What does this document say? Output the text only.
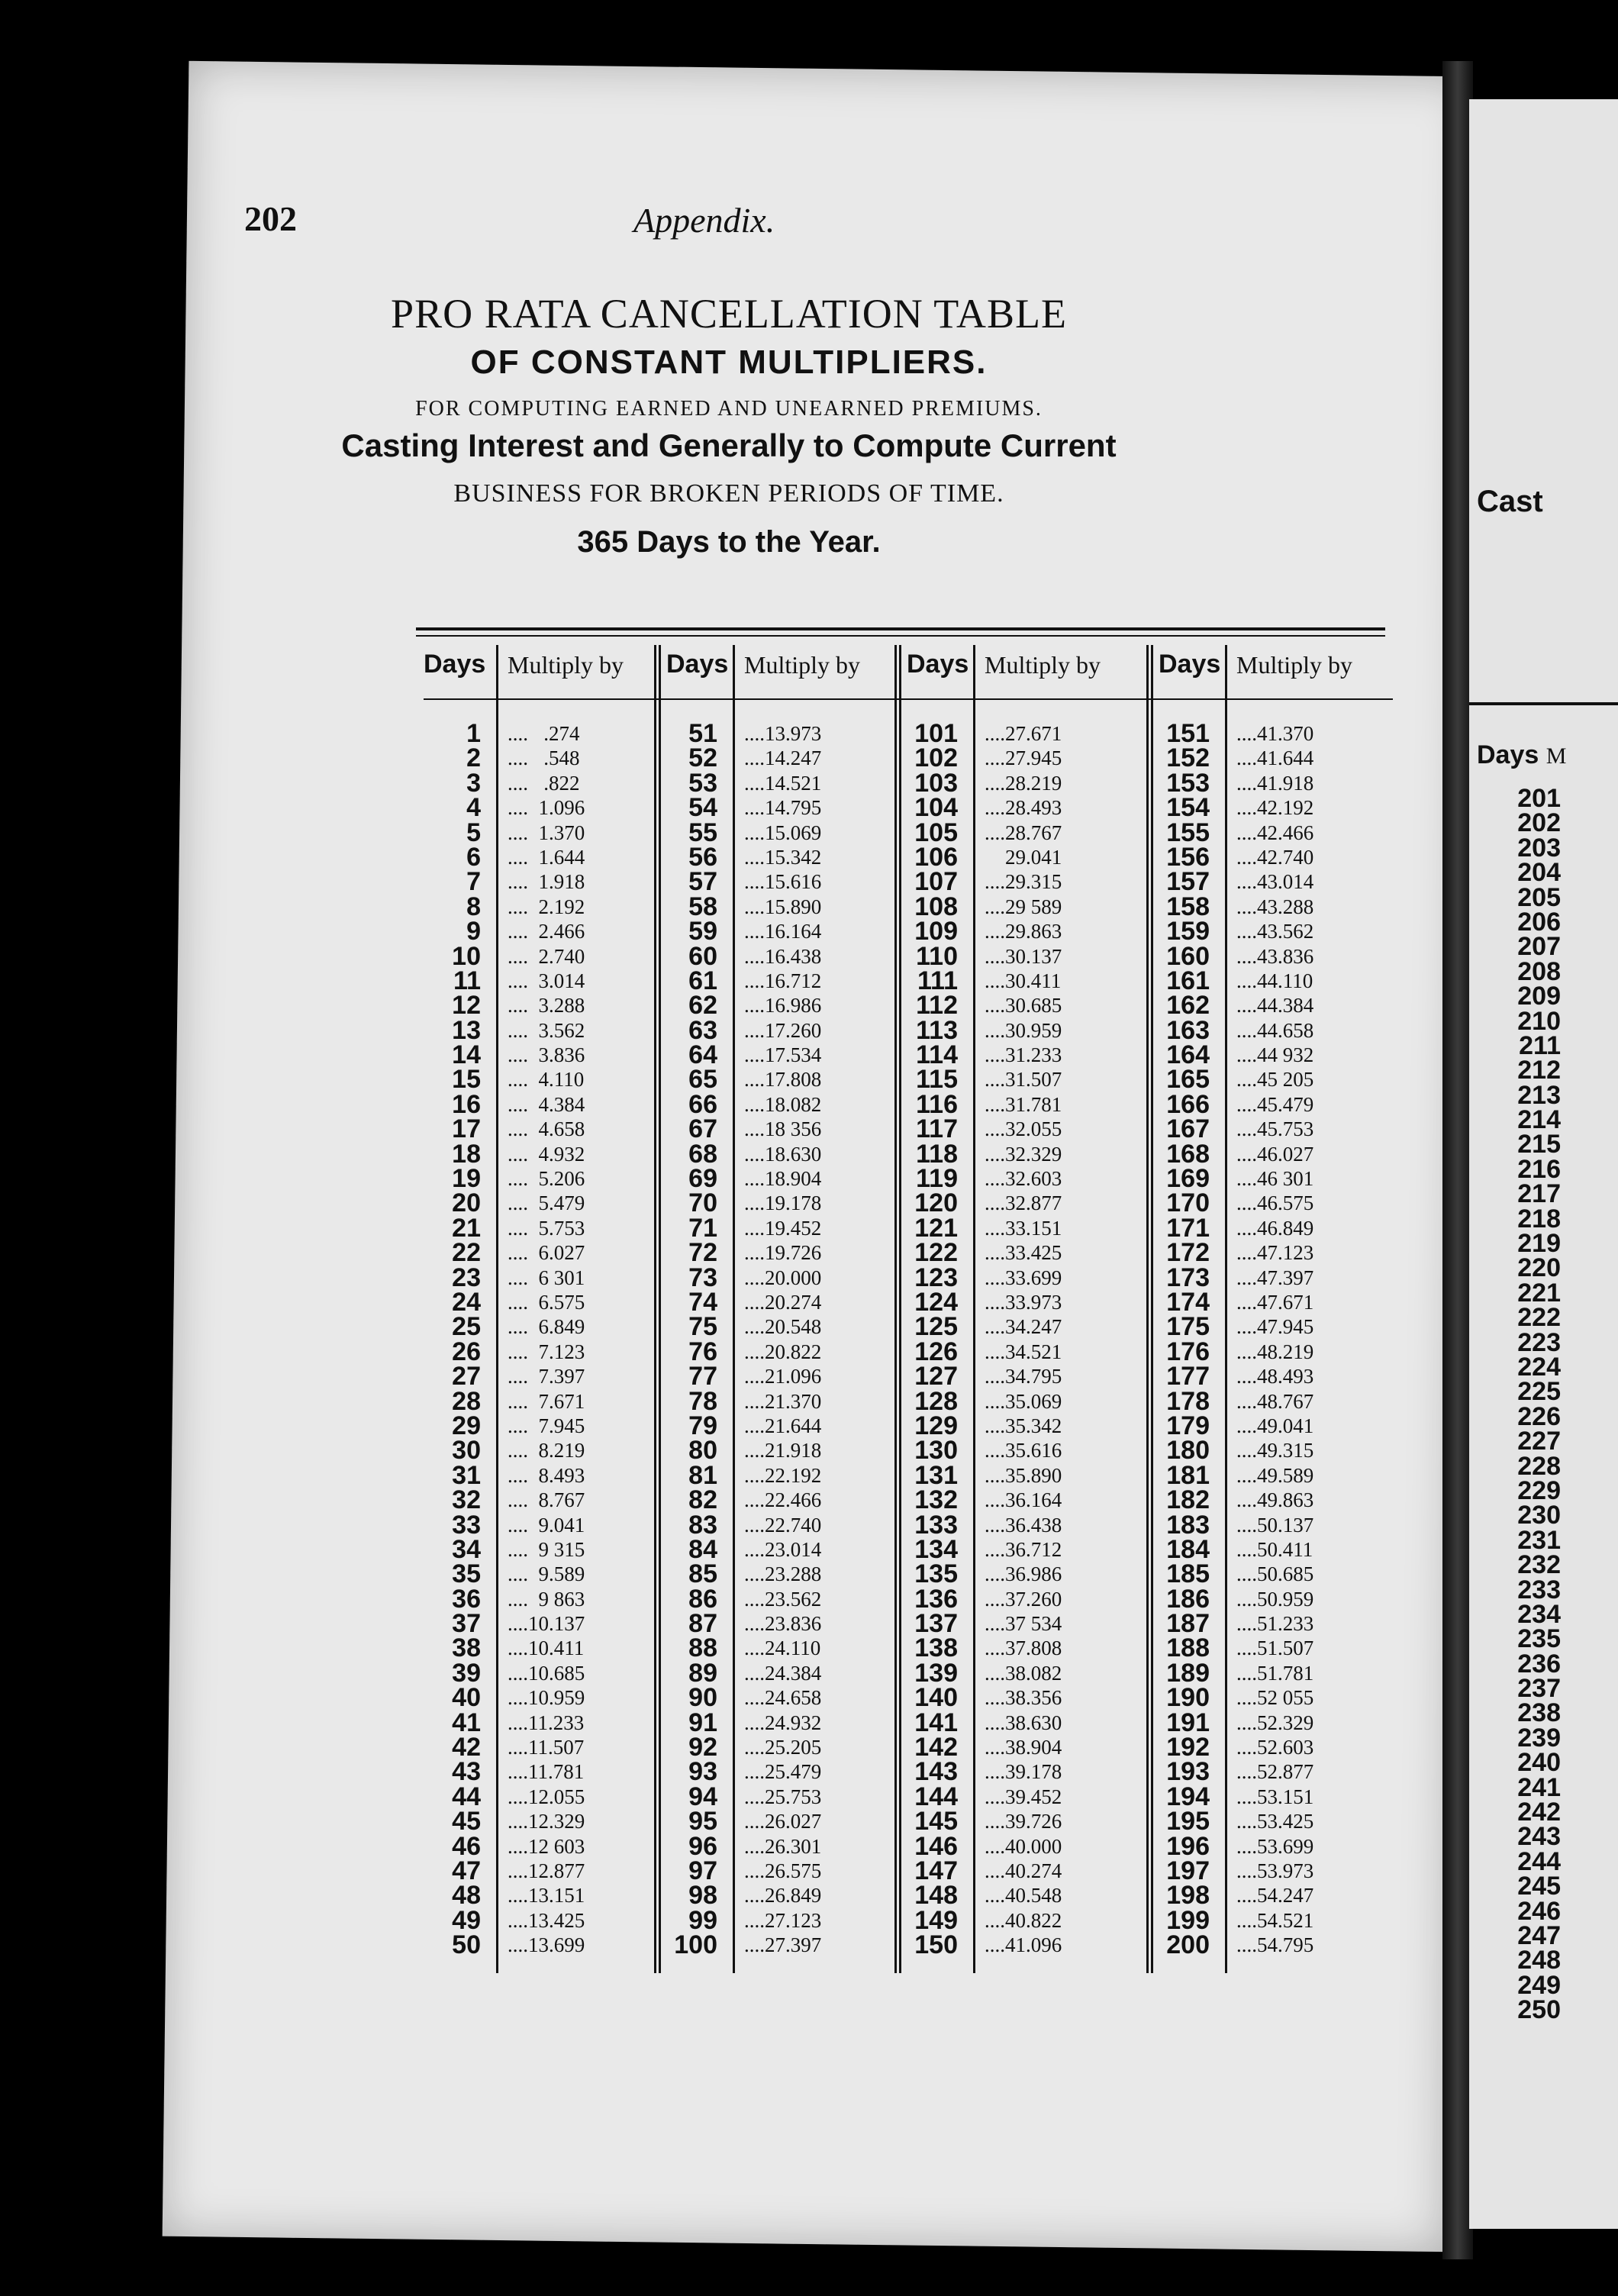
202	Appendix.
PRO RATA CANCELLATION TABLE
OF CONSTANT MULTIPLIERS.
FOR COMPUTING EARNED AND UNEARNED PREMIUMS.
Casting Interest and Generally to Compute Current
BUSINESS FOR BROKEN PERIODS OF TIME.
365 Days to the Year.
Days Multiply by
1 ....   .274
2 ....   .548
3 ....   .822
4 ....  1.096
5 ....  1.370
6 ....  1.644
7 ....  1.918
8 ....  2.192
9 ....  2.466
10 ....  2.740
11 ....  3.014
12 ....  3.288
13 ....  3.562
14 ....  3.836
15 ....  4.110
16 ....  4.384
17 ....  4.658
18 ....  4.932
19 ....  5.206
20 ....  5.479
21 ....  5.753
22 ....  6.027
23 ....  6 301
24 ....  6.575
25 ....  6.849
26 ....  7.123
27 ....  7.397
28 ....  7.671
29 ....  7.945
30 ....  8.219
31 ....  8.493
32 ....  8.767
33 ....  9.041
34 ....  9 315
35 ....  9.589
36 ....  9 863
37 ....10.137
38 ....10.411
39 ....10.685
40 ....10.959
41 ....11.233
42 ....11.507
43 ....11.781
44 ....12.055
45 ....12.329
46 ....12 603
47 ....12.877
48 ....13.151
49 ....13.425
50 ....13.699
Days Multiply by
51 ....13.973
52 ....14.247
53 ....14.521
54 ....14.795
55 ....15.069
56 ....15.342
57 ....15.616
58 ....15.890
59 ....16.164
60 ....16.438
61 ....16.712
62 ....16.986
63 ....17.260
64 ....17.534
65 ....17.808
66 ....18.082
67 ....18 356
68 ....18.630
69 ....18.904
70 ....19.178
71 ....19.452
72 ....19.726
73 ....20.000
74 ....20.274
75 ....20.548
76 ....20.822
77 ....21.096
78 ....21.370
79 ....21.644
80 ....21.918
81 ....22.192
82 ....22.466
83 ....22.740
84 ....23.014
85 ....23.288
86 ....23.562
87 ....23.836
88 ....24.110
89 ....24.384
90 ....24.658
91 ....24.932
92 ....25.205
93 ....25.479
94 ....25.753
95 ....26.027
96 ....26.301
97 ....26.575
98 ....26.849
99 ....27.123
100 ....27.397
Days Multiply by
101 ....27.671
102 ....27.945
103 ....28.219
104 ....28.493
105 ....28.767
106 29.041
107 ....29.315
108 ....29 589
109 ....29.863
110 ....30.137
111 ....30.411
112 ....30.685
113 ....30.959
114 ....31.233
115 ....31.507
116 ....31.781
117 ....32.055
118 ....32.329
119 ....32.603
120 ....32.877
121 ....33.151
122 ....33.425
123 ....33.699
124 ....33.973
125 ....34.247
126 ....34.521
127 ....34.795
128 ....35.069
129 ....35.342
130 ....35.616
131 ....35.890
132 ....36.164
133 ....36.438
134 ....36.712
135 ....36.986
136 ....37.260
137 ....37 534
138 ....37.808
139 ....38.082
140 ....38.356
141 ....38.630
142 ....38.904
143 ....39.178
144 ....39.452
145 ....39.726
146 ....40.000
147 ....40.274
148 ....40.548
149 ....40.822
150 ....41.096
Days Multiply by
151 ....41.370
152 ....41.644
153 ....41.918
154 ....42.192
155 ....42.466
156 ....42.740
157 ....43.014
158 ....43.288
159 ....43.562
160 ....43.836
161 ....44.110
162 ....44.384
163 ....44.658
164 ....44 932
165 ....45 205
166 ....45.479
167 ....45.753
168 ....46.027
169 ....46 301
170 ....46.575
171 ....46.849
172 ....47.123
173 ....47.397
174 ....47.671
175 ....47.945
176 ....48.219
177 ....48.493
178 ....48.767
179 ....49.041
180 ....49.315
181 ....49.589
182 ....49.863
183 ....50.137
184 ....50.411
185 ....50.685
186 ....50.959
187 ....51.233
188 ....51.507
189 ....51.781
190 ....52 055
191 ....52.329
192 ....52.603
193 ....52.877
194 ....53.151
195 ....53.425
196 ....53.699
197 ....53.973
198 ....54.247
199 ....54.521
200 ....54.795
Cast
Days M
201
202
203
204
205
206
207
208
209
210
211
212
213
214
215
216
217
218
219
220
221
222
223
224
225
226
227
228
229
230
231
232
233
234
235
236
237
238
239
240
241
242
243
244
245
246
247
248
249
250
